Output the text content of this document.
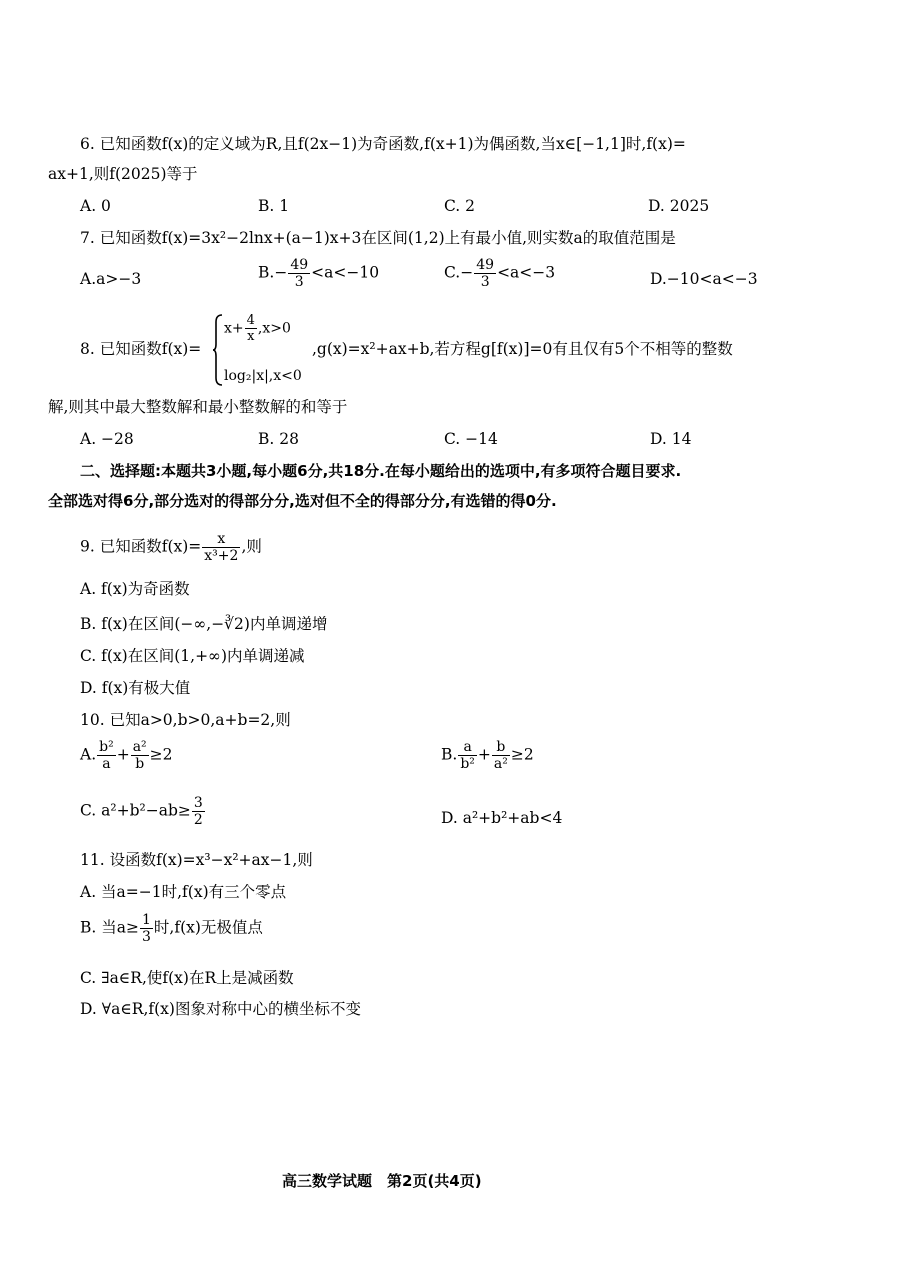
6. 已知函数f(x)的定义域为R,且f(2x−1)为奇函数,f(x+1)为偶函数,当x∈[−1,1]时,f(x)=
ax+1,则f(2025)等于
A. 0	B. 1	C. 2	D. 2025
7. 已知函数f(x)=3x²−2lnx+(a−1)x+3在区间(1,2)上有最小值,则实数a的取值范围是
A.a>−3	$B.- \frac{49}{3} <a<-10$	$C.- \frac{49}{3} <a<-3$	D.−10<a<−3
8. 已知函数f(x)=
$x+ \frac{4}{x} ,x>0$
log₂|x|,x<0
,g(x)=x²+ax+b,若方程g[f(x)]=0有且仅有5个不相等的整数
解,则其中最大整数解和最小整数解的和等于
A. −28	B. 28	C. −14	D. 14
二、选择题:本题共3小题,每小题6分,共18分.在每小题给出的选项中,有多项符合题目要求.
全部选对得6分,部分选对的得部分分,选对但不全的得部分分,有选错的得0分.
9. 已知函数$f(x)= \frac{x}{\text{x³+2}}$ ,则
A. f(x)为奇函数
B. f(x)在区间(−∞,−∛2)内单调递增
C. f(x)在区间(1,+∞)内单调递减
D. f(x)有极大值
10. 已知a>0,b>0,a+b=2,则
A. $\frac{\text{b²}}{a} + \frac{\text{a²}}{b} \ge 2$	B. $\frac{a}{\text{b²}} + \frac{b}{\text{a²}} \ge 2$
C. $a^2+b^2-ab\ge \frac{3}{2}$	D. a²+b²+ab<4
11. 设函数f(x)=x³−x²+ax−1,则
A. 当a=−1时,f(x)有三个零点
B. 当$a\ge \frac{1}{3}$ 时,f(x)无极值点
C. ∃a∈R,使f(x)在R上是减函数
D. ∀a∈R,f(x)图象对称中心的横坐标不变
高三数学试题　第2页(共4页)
